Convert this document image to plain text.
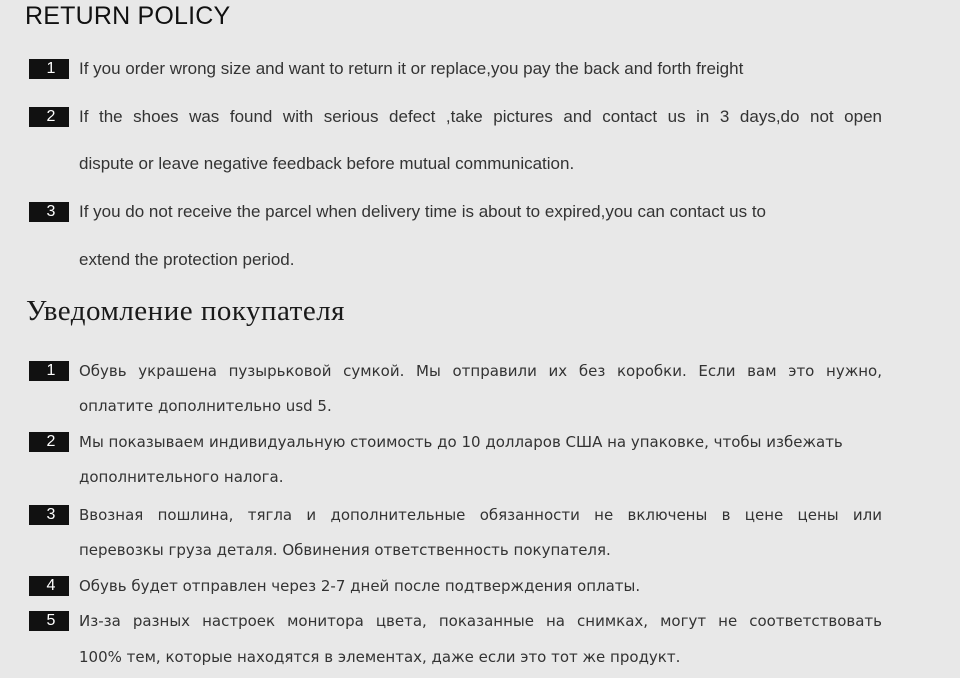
RETURN POLICY
1	If you order wrong size and want to return it or replace,you pay the back and forth freight
2	If the shoes was found with serious defect ,take pictures and contact us in 3 days,do not open
dispute or leave negative feedback before mutual communication.
3	If you do not receive the parcel when delivery time is about to expired,you can contact us to
extend the protection period.
Уведомление покупателя
1	Обувь украшена пузырьковой сумкой. Мы отправили их без коробки. Если вам это нужно,
оплатите дополнительно usd 5.
2	Мы показываем индивидуальную стоимость до 10 долларов США на упаковке, чтобы избежать
дополнительного налога.
3	Ввозная пошлина, тягла и дополнительные обязанности не включены в цене цены или
перевозкы груза деталя. Обвинения ответственность покупателя.
4	Обувь будет отправлен через 2-7 дней после подтверждения оплаты.
5	Из-за разных настроек монитора цвета, показанные на снимках, могут не соответствовать
100% тем, которые находятся в элементах, даже если это тот же продукт.
